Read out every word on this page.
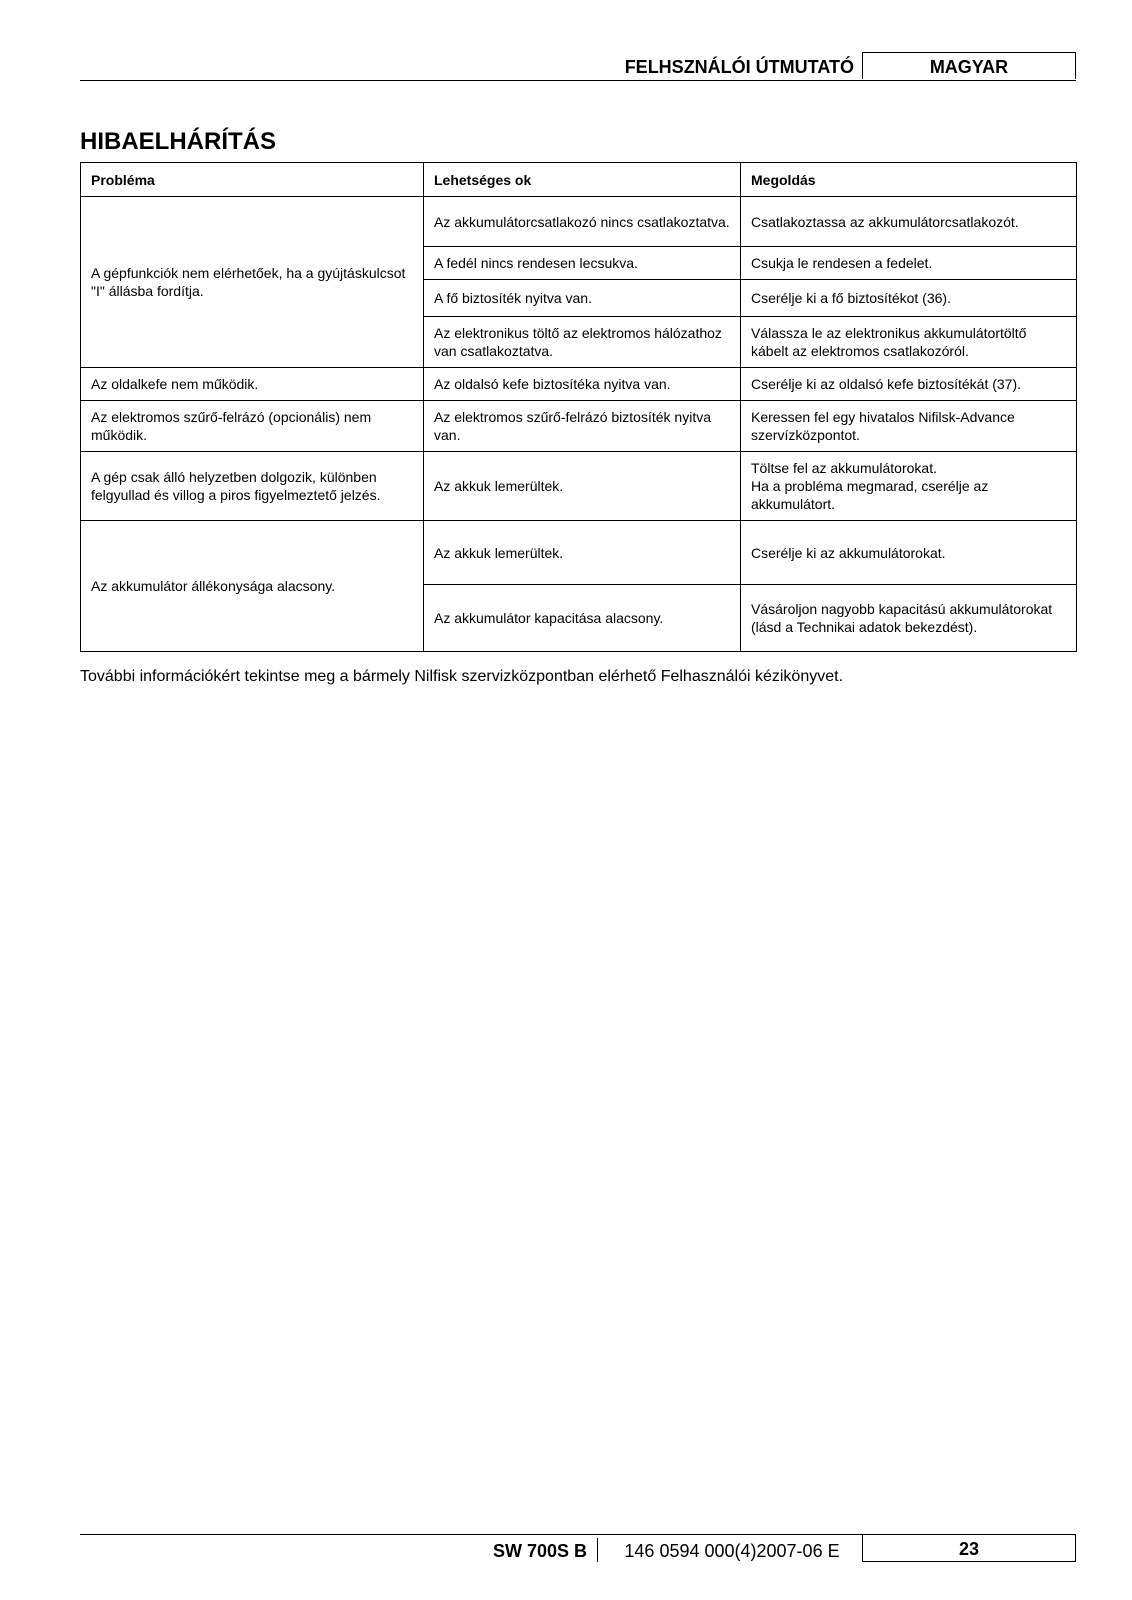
FELHSZNÁLÓI ÚTMUTATÓ	MAGYAR
HIBAELHÁRÍTÁS
Probléma	Lehetséges ok	Megoldás
A gépfunkciók nem elérhetőek, ha a gyújtáskulcsot "I" állásba fordítja.	Az akkumulátorcsatlakozó nincs csatlakoztatva.	Csatlakoztassa az akkumulátorcsatlakozót.
	A fedél nincs rendesen lecsukva.	Csukja le rendesen a fedelet.
	A fő biztosíték nyitva van.	Cserélje ki a fő biztosítékot (36).
	Az elektronikus töltő az elektromos hálózathoz van csatlakoztatva.	Válassza le az elektronikus akkumulátortöltő kábelt az elektromos csatlakozóról.
Az oldalkefe nem működik.	Az oldalsó kefe biztosítéka nyitva van.	Cserélje ki az oldalsó kefe biztosítékát (37).
Az elektromos szűrő-felrázó (opcionális) nem működik.	Az elektromos szűrő-felrázó biztosíték nyitva van.	Keressen fel egy hivatalos Nifilsk-Advance szervízközpontot.
A gép csak álló helyzetben dolgozik, különben felgyullad és villog a piros figyelmeztető jelzés.	Az akkuk lemerültek.	Töltse fel az akkumulátorokat.
Ha a probléma megmarad, cserélje az akkumulátort.
Az akkumulátor állékonysága alacsony.	Az akkuk lemerültek.	Cserélje ki az akkumulátorokat.
	Az akkumulátor kapacitása alacsony.	Vásároljon nagyobb kapacitású akkumulátorokat (lásd a Technikai adatok bekezdést).

További információkért tekintse meg a bármely Nilfisk szervizközpontban elérhető Felhasználói kézikönyvet.

SW 700S B	146 0594 000(4)2007-06 E	23
